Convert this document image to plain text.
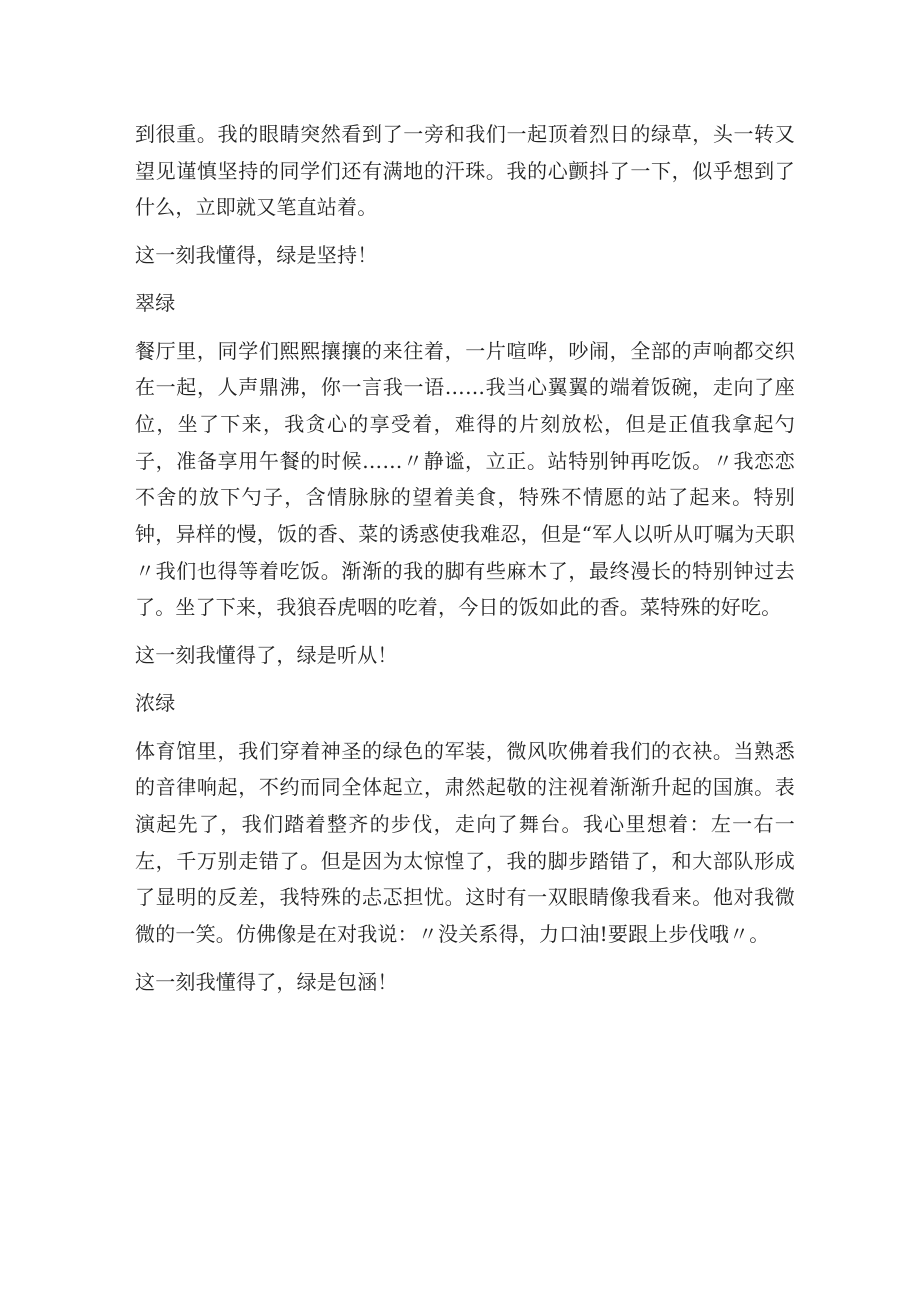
到很重。我的眼睛突然看到了一旁和我们一起顶着烈日的绿草，头一转又望见谨慎坚持的同学们还有满地的汗珠。我的心颤抖了一下，似乎想到了什么，立即就又笔直站着。

这一刻我懂得，绿是坚持！

翠绿

餐厅里，同学们熙熙攘攘的来往着，一片喧哗，吵闹，全部的声响都交织在一起，人声鼎沸，你一言我一语……我当心翼翼的端着饭碗，走向了座位，坐了下来，我贪心的享受着，难得的片刻放松，但是正值我拿起勺子，准备享用午餐的时候……〃静谧，立正。站特别钟再吃饭。〃我恋恋不舍的放下勺子，含情脉脉的望着美食，特殊不情愿的站了起来。特别钟，异样的慢，饭的香、菜的诱惑使我难忍，但是“军人以听从叮嘱为天职〃我们也得等着吃饭。渐渐的我的脚有些麻木了，最终漫长的特别钟过去了。坐了下来，我狼吞虎咽的吃着，今日的饭如此的香。菜特殊的好吃。

这一刻我懂得了，绿是听从！

浓绿

体育馆里，我们穿着神圣的绿色的军装，微风吹佛着我们的衣袂。当熟悉的音律响起，不约而同全体起立，肃然起敬的注视着渐渐升起的国旗。表演起先了，我们踏着整齐的步伐，走向了舞台。我心里想着：左一右一左，千万别走错了。但是因为太惊惶了，我的脚步踏错了，和大部队形成了显明的反差，我特殊的忐忑担忧。这时有一双眼睛像我看来。他对我微微的一笑。仿佛像是在对我说：〃没关系得，力口油!要跟上步伐哦〃。

这一刻我懂得了，绿是包涵！
